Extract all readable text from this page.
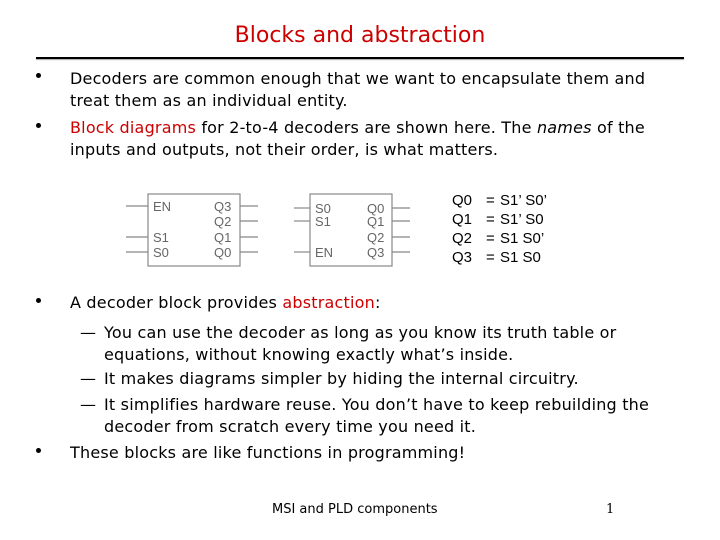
Blocks and abstraction
Decoders are common enough that we want to encapsulate them and treat them as an individual entity.
Block diagrams for 2-to-4 decoders are shown here. The names of the inputs and outputs, not their order, is what matters.
EN
S1
S0
Q3
Q2
Q1
Q0
S0
S1
EN
Q0
Q1
Q2
Q3
Q0 = S1’ S0’
Q1 = S1’ S0
Q2 = S1 S0’
Q3 = S1 S0
A decoder block provides abstraction:
— You can use the decoder as long as you know its truth table or equations, without knowing exactly what’s inside.
— It makes diagrams simpler by hiding the internal circuitry.
— It simplifies hardware reuse. You don’t have to keep rebuilding the decoder from scratch every time you need it.
These blocks are like functions in programming!
MSI and PLD components	1
